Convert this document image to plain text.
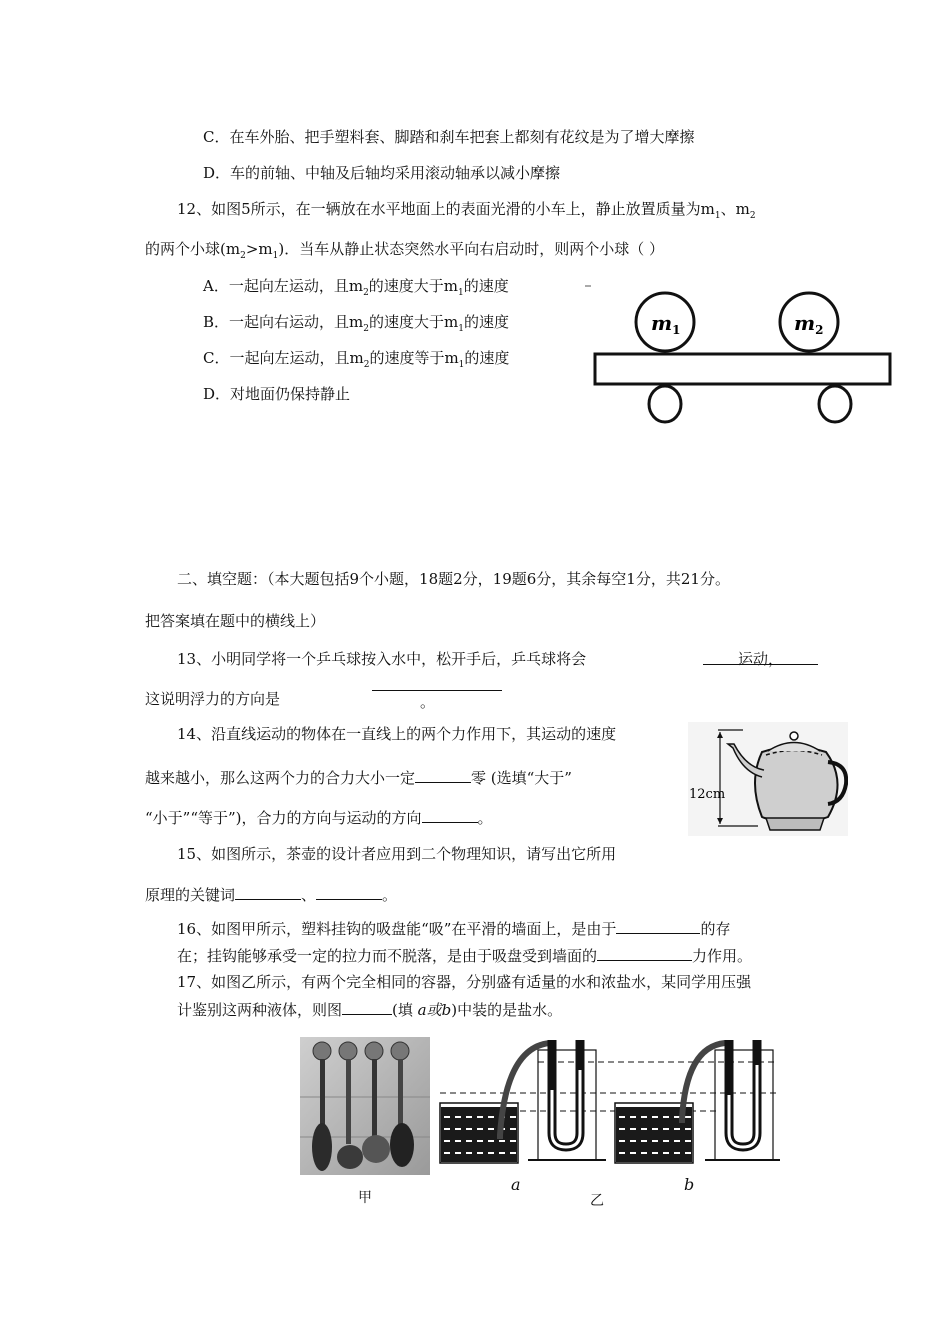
C．在车外胎、把手塑料套、脚踏和刹车把套上都刻有花纹是为了增大摩擦
D．车的前轴、中轴及后轴均采用滚动轴承以减小摩擦
12、如图5所示，在一辆放在水平地面上的表面光滑的小车上，静止放置质量为$m_1$、$m_2$
的两个小球$(m_2>m_1)$．当车从静止状态突然水平向右启动时，则两个小球（ ）
A．一起向左运动，且$m_2$的速度大于$m_1$的速度
B．一起向右运动，且$m_2$的速度大于$m_1$的速度
C．一起向左运动，且$m_2$的速度等于$m_1$的速度
D．对地面仍保持静止
$m_1$	$m_2$
二、填空题：（本大题包括9个小题，18题2分，19题6分，其余每空1分，共21分。
把答案填在题中的横线上）
13、小明同学将一个乒乓球按入水中，松开手后，乒乓球将会	运动，
这说明浮力的方向是	。
14、沿直线运动的物体在一直线上的两个力作用下，其运动的速度
越来越小，那么这两个力的合力大小一定	零 (选填“大于”
“小于”“等于”)，合力的方向与运动的方向	。
12cm
15、如图所示，茶壶的设计者应用到二个物理知识，请写出它所用
原理的关键词	、	。
16、如图甲所示，塑料挂钩的吸盘能“吸”在平滑的墙面上，是由于	的存
在；挂钩能够承受一定的拉力而不脱落，是由于吸盘受到墙面的	力作用。
17、如图乙所示，有两个完全相同的容器，分别盛有适量的水和浓盐水，某同学用压强
计鉴别这两种液体，则图	(填 a或b)中装的是盐水。
甲
a
乙
b
